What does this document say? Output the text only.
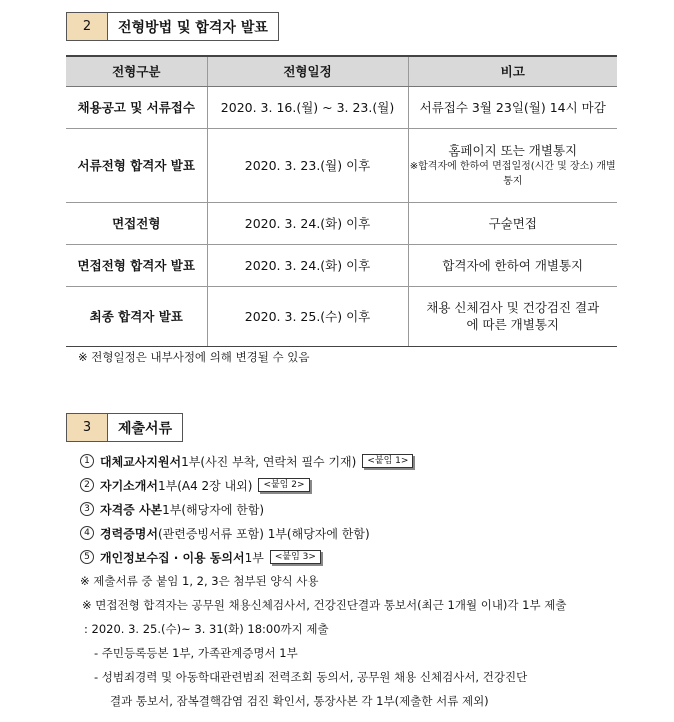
2	전형방법 및 합격자 발표
전형구분	전형일정	비고
채용공고 및 서류접수	2020. 3. 16.(월) ~ 3. 23.(월)	서류접수 3월 23일(월) 14시 마감
서류전형 합격자 발표	2020. 3. 23.(월) 이후	홈페이지 또는 개별통지
※합격자에 한하여 면접일정(시간 및 장소) 개별통지

면접전형	2020. 3. 24.(화) 이후	구술면접
면접전형 합격자 발표	2020. 3. 24.(화) 이후	합격자에 한하여 개별통지
최종 합격자 발표	2020. 3. 25.(수) 이후	채용 신체검사 및 건강검진 결과에 따른 개별통지
※ 전형일정은 내부사정에 의해 변경될 수 있음
3	제출서류
1 대체교사지원서 1부(사진 부착, 연락처 필수 기재)	<붙임 1>
2 자기소개서 1부(A4 2장 내외)	<붙임 2>
3 자격증 사본 1부(해당자에 한함)
4 경력증명서 (관련증빙서류 포함) 1부(해당자에 한함)
5 개인정보수집 · 이용 동의서 1부	<붙임 3>
※ 제출서류 중 붙임 1, 2, 3은 첨부된 양식 사용
※ 면접전형 합격자는 공무원 채용신체검사서, 건강진단결과 통보서(최근 1개월 이내)각 1부 제출
: 2020. 3. 25.(수)~ 3. 31(화) 18:00까지 제출
- 주민등록등본 1부, 가족관계증명서 1부
- 성범죄경력 및 아동학대관련범죄 전력조회 동의서, 공무원 채용 신체검사서, 건강진단
결과 통보서, 잠복결핵감염 검진 확인서, 통장사본 각 1부(제출한 서류 제외)
